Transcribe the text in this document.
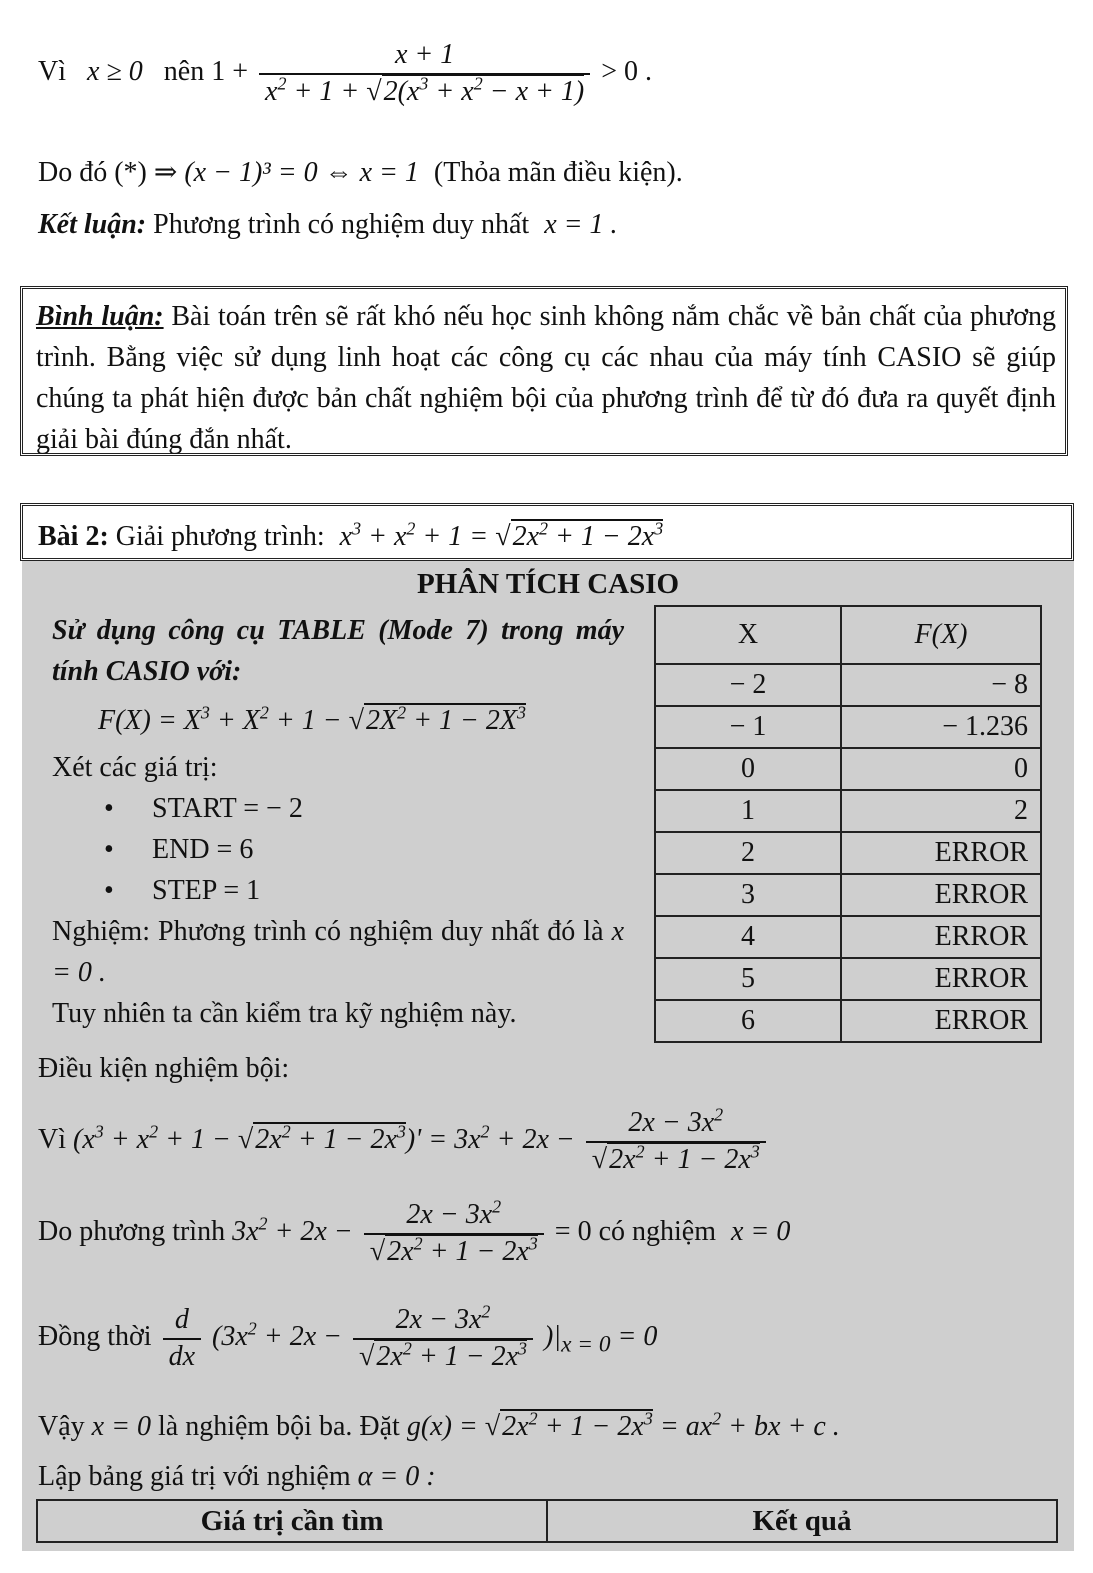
Vì x ≥ 0 nên $1 + \frac{x + 1}{x^2 + 1 + √2(x^3 + x^2 - x + 1)} > 0$ .
Do đó (*) ⇒ (x − 1)³ = 0 ⇔ x = 1 (Thỏa mãn điều kiện).
Kết luận: Phương trình có nghiệm duy nhất x = 1 .
Bình luận: Bài toán trên sẽ rất khó nếu học sinh không nắm chắc về bản chất của phương trình. Bằng việc sử dụng linh hoạt các công cụ các nhau của máy tính CASIO sẽ giúp chúng ta phát hiện được bản chất nghiệm bội của phương trình để từ đó đưa ra quyết định giải bài đúng đắn nhất.
Bài 2: Giải phương trình: $x^3 + x^2 + 1 = √2x^2 + 1 - 2x^3$
PHÂN TÍCH CASIO
Sử dụng công cụ TABLE (Mode 7) trong máy tính CASIO với:
$F(X) = X^3 + X^2 + 1 - √2X^2 + 1 - 2X^3$
Xét các giá trị:
• START = − 2
• END = 6
• STEP = 1
Nghiệm: Phương trình có nghiệm duy nhất đó là x = 0 .
Tuy nhiên ta cần kiểm tra kỹ nghiệm này.
X	F(X)
− 2	− 8
− 1	− 1.236
0	0
1	2
2	ERROR
3	ERROR
4	ERROR
5	ERROR
6	ERROR
Điều kiện nghiệm bội:
Vì $(x^3 + x^2 + 1 - √2x^2 + 1 - 2x^3)' = 3x^2 + 2x - \frac{2x - 3x^2}{√2x^2 + 1 - 2x^3}$
Do phương trình $3x^2 + 2x - \frac{2x - 3x^2}{√2x^2 + 1 - 2x^3} = 0$ có nghiệm x = 0
Đồng thời $\frac{d}{dx} (3x^2 + 2x - \frac{2x - 3x^2}{√2x^2 + 1 - 2x^3} )|_{x = 0} = 0$
Vậy x = 0 là nghiệm bội ba. Đặt $g(x) = √2x^2 + 1 - 2x^3 = ax^2$ + bx + c .
Lập bảng giá trị với nghiệm α = 0 :
Giá trị cần tìm	Kết quả
